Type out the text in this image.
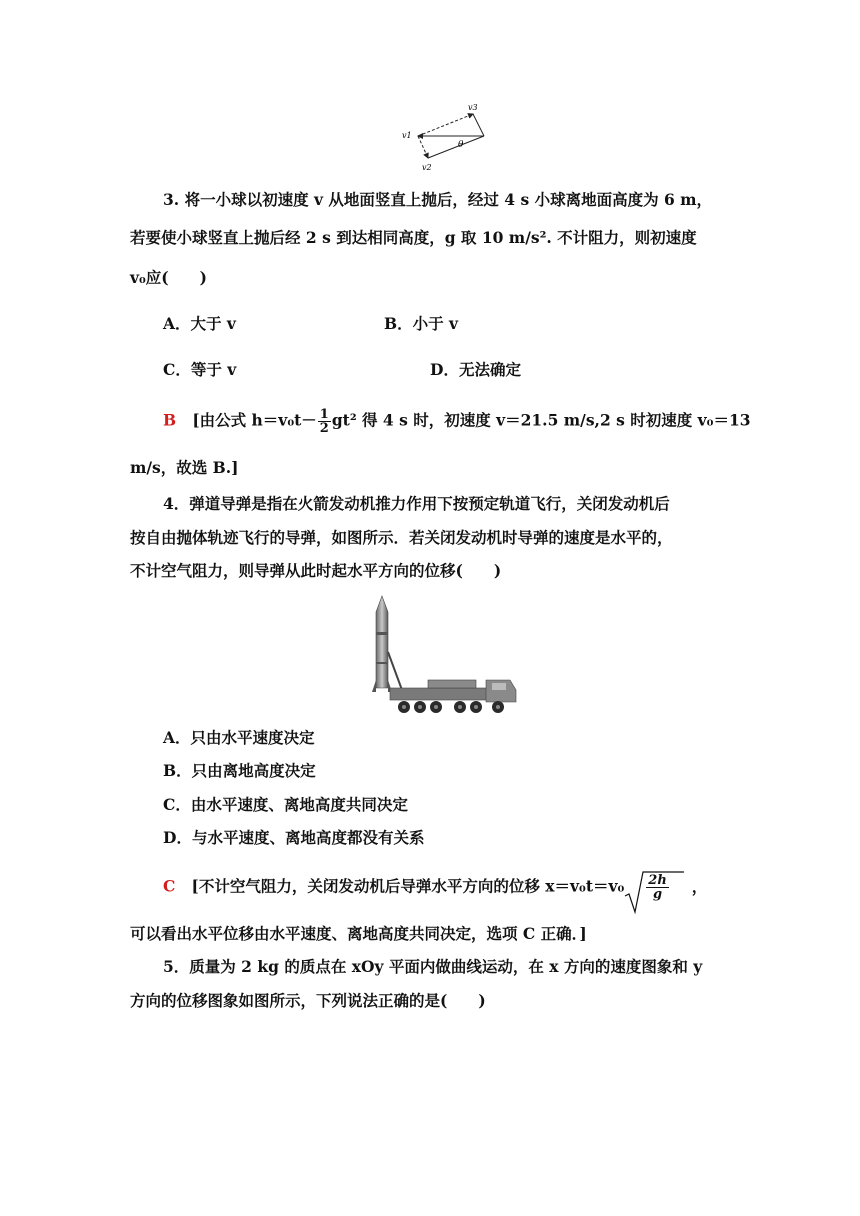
v1
v3
v2
θ
3. 将一小球以初速度 v 从地面竖直上抛后，经过 4 s 小球离地面高度为 6 m，
若要使小球竖直上抛后经 2 s 到达相同高度，g 取 10 m/s². 不计阻力，则初速度
v₀应(　　)
A．大于 v	B．小于 v
C．等于 v	D．无法确定
B [由公式 $h=v_0t- \frac{1}{2} gt^2$ 得 4 s 时，初速度 v＝21.5 m/s,2 s 时初速度 v₀＝13
m/s，故选 B.]
4．弹道导弹是指在火箭发动机推力作用下按预定轨道飞行，关闭发动机后
按自由抛体轨迹飞行的导弹，如图所示．若关闭发动机时导弹的速度是水平的，
不计空气阻力，则导弹从此时起水平方向的位移(　　)
A．只由水平速度决定
B．只由离地高度决定
C．由水平速度、离地高度共同决定
D．与水平速度、离地高度都没有关系
C [不计空气阻力，关闭发动机后导弹水平方向的位移 $x=v_0t=v_0 \frac{2h}{g}$ ，
可以看出水平位移由水平速度、离地高度共同决定，选项 C 正确．]
5．质量为 2 kg 的质点在 xOy 平面内做曲线运动，在 x 方向的速度图象和 y
方向的位移图象如图所示，下列说法正确的是(　　)
